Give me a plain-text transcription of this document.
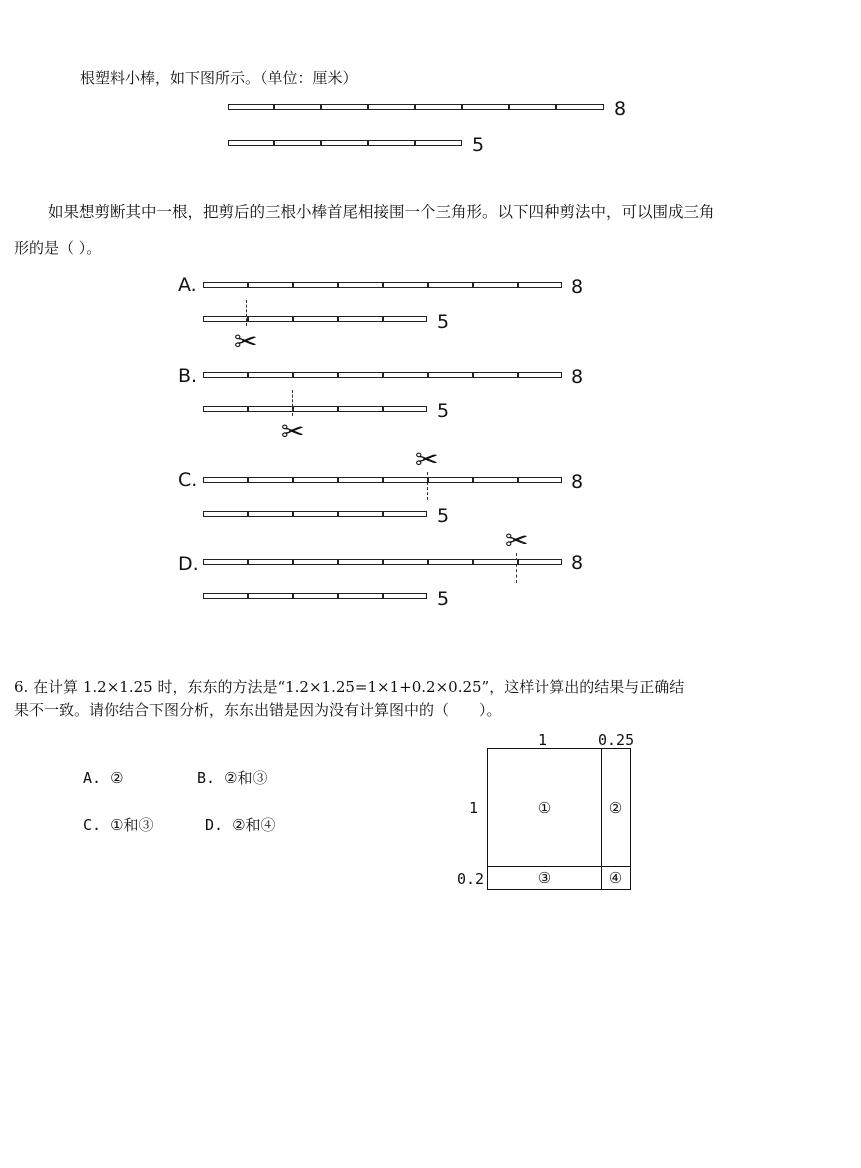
根塑料小棒，如下图所示。（单位：厘米）
8
5
如果想剪断其中一根，把剪后的三根小棒首尾相接围一个三角形。以下四种剪法中，可以围成三角
形的是（ ）。
A.	8
5
✂
B.	8
5
✂
C.
✂
8
5
D.
✂
8
5
6. 在计算 1.2×1.25 时，东东的方法是“1.2×1.25=1×1+0.2×0.25”，这样计算出的结果与正确结
果不一致。请你结合下图分析，东东出错是因为没有计算图中的（　　）。
A. ②	B. ②和③
C. ①和③	D. ②和④
1	0.25
1
0.2
①	②
③	④
